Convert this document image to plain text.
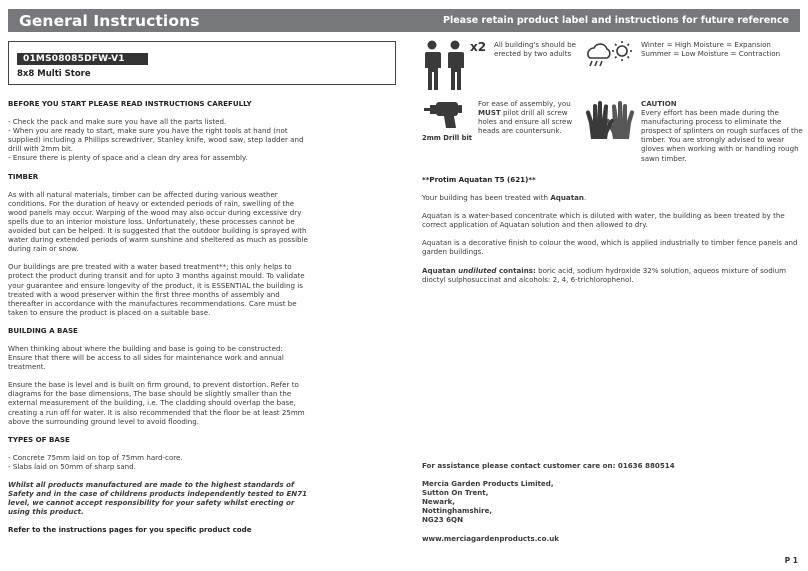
General Instructions	Please retain product label and instructions for future reference
01MS08085DFW-V1
8x8 Multi Store

BEFORE YOU START PLEASE READ INSTRUCTIONS CAREFULLY

- Check the pack and make sure you have all the parts listed.
- When you are ready to start, make sure you have the right tools at hand (not supplied) including a Phillips screwdriver, Stanley knife, wood saw, step ladder and drill with 2mm bit.
- Ensure there is plenty of space and a clean dry area for assembly.

TIMBER

As with all natural materials, timber can be affected during various weather conditions. For the duration of heavy or extended periods of rain, swelling of the wood panels may occur. Warping of the wood may also occur during excessive dry spells due to an interior moisture loss. Unfortunately, these processes cannot be avoided but can be helped. It is suggested that the outdoor building is sprayed with water during extended periods of warm sunshine and sheltered as much as possible during rain or snow.

Our buildings are pre treated with a water based treatment**; this only helps to protect the product during transit and for upto 3 months against mould. To validate your guarantee and ensure longevity of the product, it is ESSENTIAL the building is treated with a wood preserver within the first three months of assembly and thereafter in accordance with the manufactures recommendations. Care must be taken to ensure the product is placed on a suitable base.

BUILDING A BASE

When thinking about where the building and base is going to be constructed: Ensure that there will be access to all sides for maintenance work and annual treatment.

Ensure the base is level and is built on firm ground, to prevent distortion. Refer to diagrams for the base dimensions, The base should be slightly smaller than the external measurement of the building, i.e. The cladding should overlap the base, creating a run off for water. It is also recommended that the floor be at least 25mm above the surrounding ground level to avoid flooding.

TYPES OF BASE

- Concrete 75mm laid on top of 75mm hard-core.
- Slabs laid on 50mm of sharp sand.

Whilst all products manufactured are made to the highest standards of Safety and in the case of childrens products independently tested to EN71 level, we cannot accept responsibility for your safety whilst erecting or using this product.

Refer to the instructions pages for you specific product code

x2 All building's should be erected by two adults
Winter = High Moisture = Expansion
Summer = Low Moisture = Contraction
2mm Drill bit
For ease of assembly, you MUST pilot drill all screw holes and ensure all screw heads are countersunk.
CAUTION
Every effort has been made during the manufacturing process to eliminate the prospect of splinters on rough surfaces of the timber. You are strongly advised to wear gloves when working with or handling rough sawn timber.

**Protim Aquatan T5 (621)**

Your building has been treated with Aquatan.

Aquatan is a water-based concentrate which is diluted with water, the building as been treated by the correct application of Aquatan solution and then allowed to dry.

Aquatan is a decorative finish to colour the wood, which is applied industrially to timber fence panels and garden buildings.

Aquatan undiluted contains: boric acid, sodium hydroxide 32% solution, aqueos mixture of sodium dioctyl sulphosuccinat and alcohols: 2, 4, 6-trichlorophenol.

For assistance please contact customer care on: 01636 880514

Mercia Garden Products Limited,
Sutton On Trent,
Newark,
Nottinghamshire,
NG23 6QN

www.merciagardenproducts.co.uk

P 1
